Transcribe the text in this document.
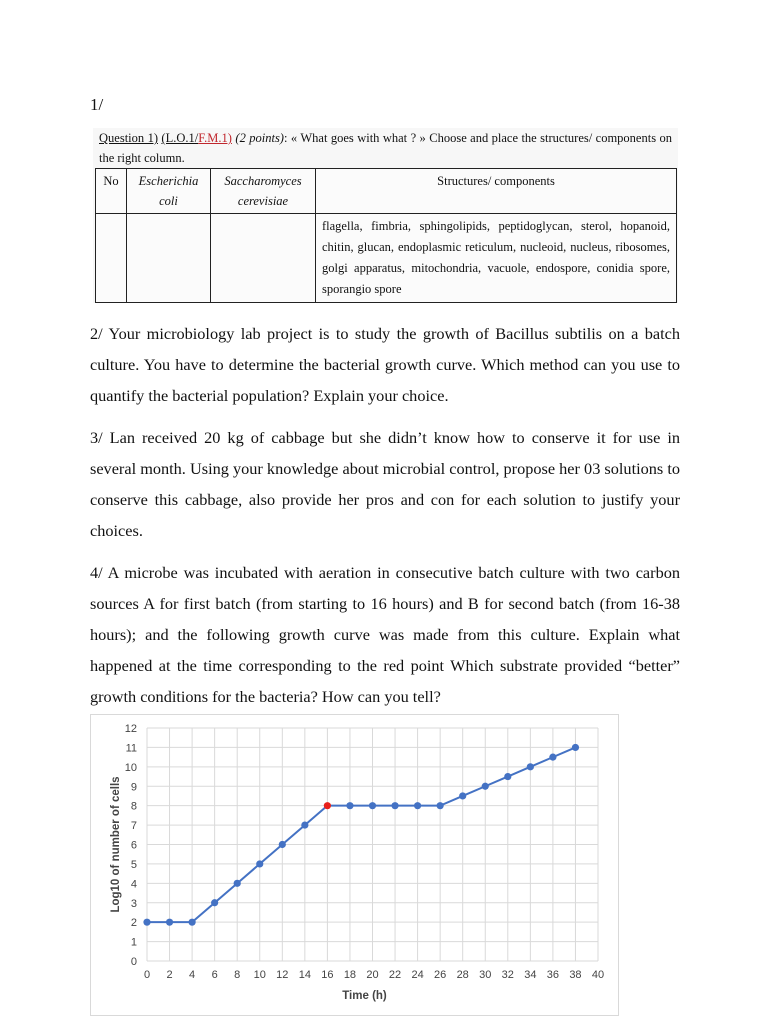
1/
Question 1) (L.O.1/F.M.1) (2 points): « What goes with what ? » Choose and place the structures/ components on the right column.
No	Escherichia coli	Saccharomyces cerevisiae	Structures/ components
			flagella, fimbria, sphingolipids, peptidoglycan, sterol, hopanoid, chitin, glucan, endoplasmic reticulum, nucleoid, nucleus, ribosomes, golgi apparatus, mitochondria, vacuole, endospore, conidia spore, sporangio spore
2/ Your microbiology lab project is to study the growth of Bacillus subtilis on a batch culture. You have to determine the bacterial growth curve. Which method can you use to quantify the bacterial population? Explain your choice.
3/ Lan received 20 kg of cabbage but she didn’t know how to conserve it for use in several month. Using your knowledge about microbial control, propose her 03 solutions to conserve this cabbage, also provide her pros and con for each solution to justify your choices.
4/ A microbe was incubated with aeration in consecutive batch culture with two carbon sources A for first batch (from starting to 16 hours) and B for second batch (from 16-38 hours); and the following growth curve was made from this culture. Explain what happened at the time corresponding to the red point Which substrate provided “better” growth conditions for the bacteria? How can you tell?
0 2 4 6 8 10 12 14 16 18 20 22 24 26 28 30 32 34 36 38 40
0
1
2
3
4
5
6
7
8
9
10
11
12
Time (h)
Log10 of number of cells
